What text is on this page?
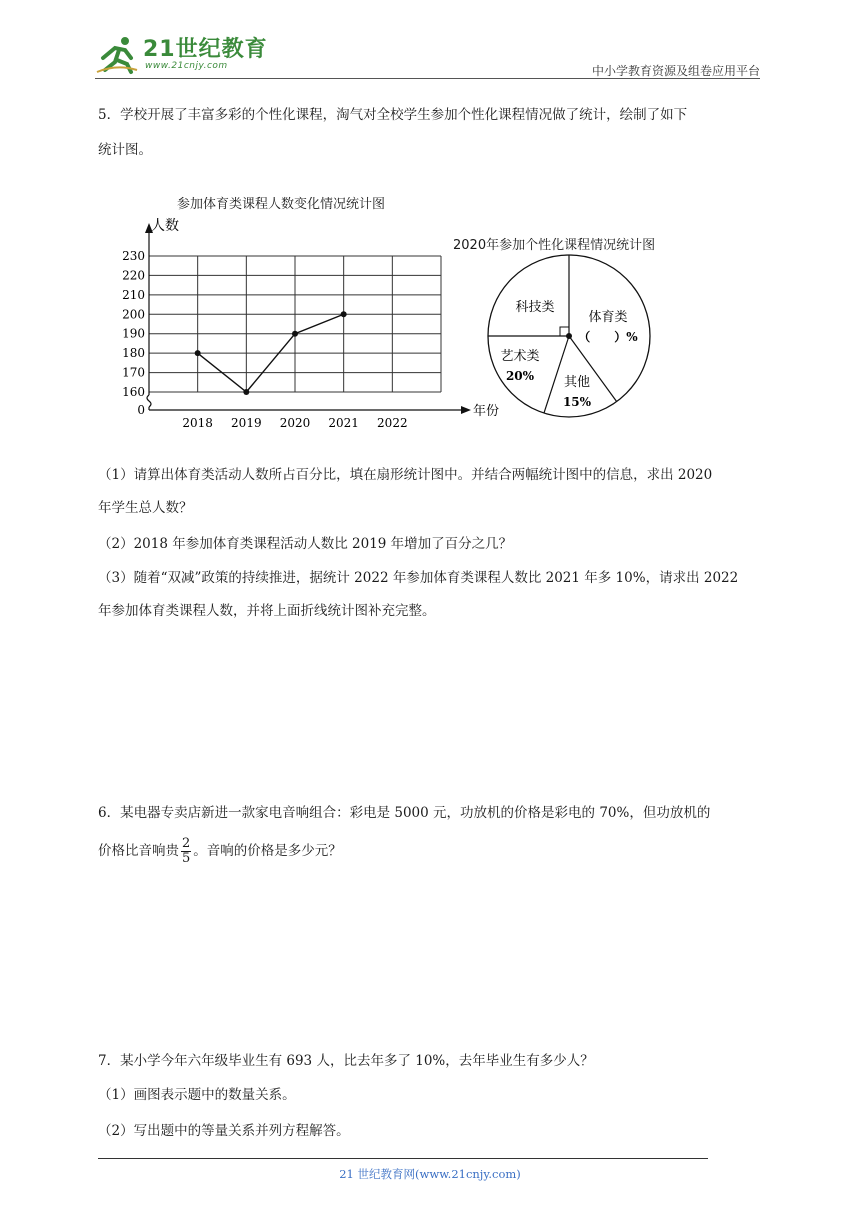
21世纪教育
www.21cnjy.com	中小学教育资源及组卷应用平台

5．学校开展了丰富多彩的个性化课程，淘气对全校学生参加个性化课程情况做了统计，绘制了如下

统计图。

参加体育类课程人数变化情况统计图
人数
年份
0
160
170
180
190
200
210
220
230
2018 2019 2020 2021 2022
2020年参加个性化课程情况统计图
体育类
（　　）%
其他
15%
艺术类
20%
科技类

（1）请算出体育类活动人数所占百分比，填在扇形统计图中。并结合两幅统计图中的信息，求出 2020

年学生总人数？

（2）2018 年参加体育类课程活动人数比 2019 年增加了百分之几？

（3）随着“双减”政策的持续推进，据统计 2022 年参加体育类课程人数比 2021 年多 10%，请求出 2022

年参加体育类课程人数，并将上面折线统计图补充完整。

6．某电器专卖店新进一款家电音响组合：彩电是 5000 元，功放机的价格是彩电的 70%，但功放机的

价格比音响贵 $\frac{2}{5}$ 。音响的价格是多少元？

7．某小学今年六年级毕业生有 693 人，比去年多了 10%，去年毕业生有多少人？

（1）画图表示题中的数量关系。

（2）写出题中的等量关系并列方程解答。

21 世纪教育网(www.21cnjy.com)
